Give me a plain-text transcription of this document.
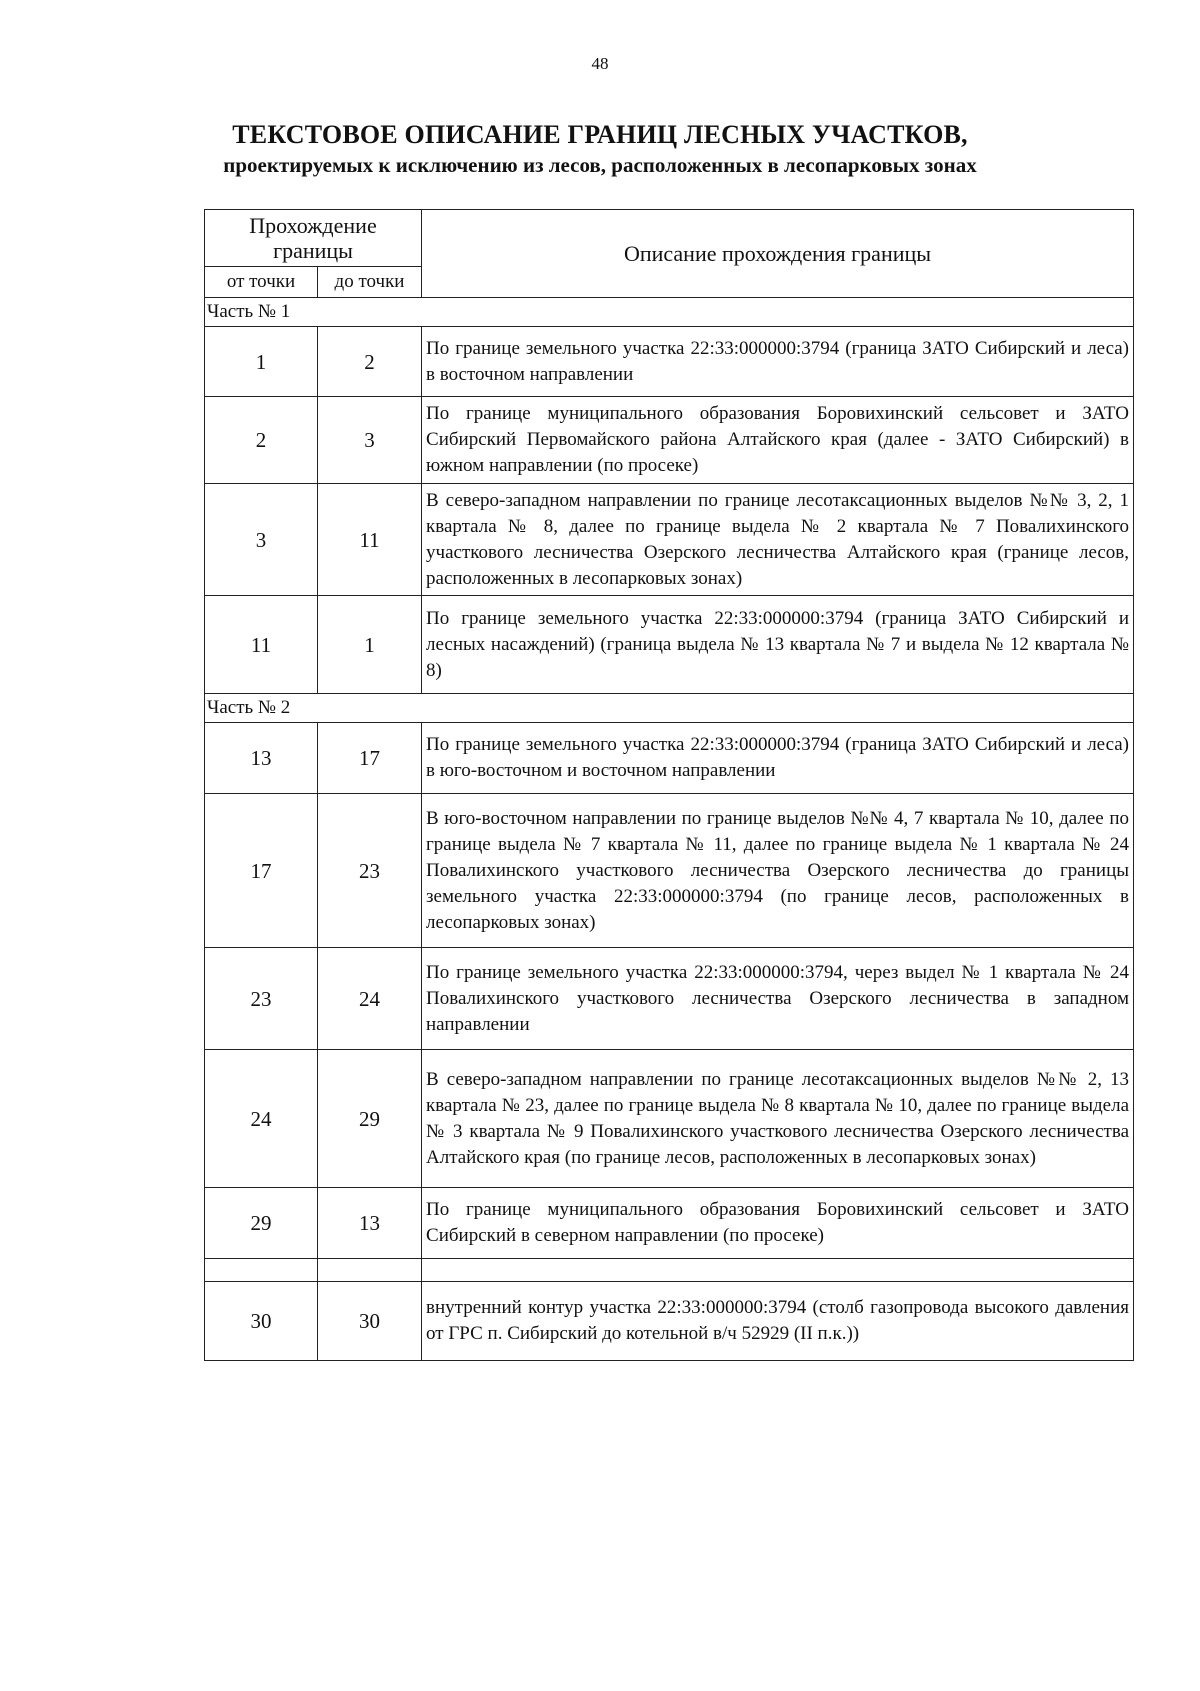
48
ТЕКСТОВОЕ ОПИСАНИЕ ГРАНИЦ ЛЕСНЫХ УЧАСТКОВ,
проектируемых к исключению из лесов, расположенных в лесопарковых зонах
Прохождение границы		Описание прохождения границы
от точки	до точки	
Часть № 1		
1	2	По границе земельного участка 22:33:000000:3794 (граница ЗАТО Сибирский и леса) в восточном направлении
2	3	По границе муниципального образования Боровихинский сельсовет и ЗАТО Сибирский Первомайского района Алтайского края (далее - ЗАТО Сибирский) в южном направлении (по просеке)
3	11	В северо-западном направлении по границе лесотаксационных выделов №№ 3, 2, 1 квартала № 8, далее по границе выдела № 2 квартала № 7 Повалихинского участкового лесничества Озерского лесничества Алтайского края (границе лесов, расположенных в лесопарковых зонах)
11	1	По границе земельного участка 22:33:000000:3794 (граница ЗАТО Сибирский и лесных насаждений) (граница выдела № 13 квартала № 7 и выдела № 12 квартала № 8)
Часть № 2		
13	17	По границе земельного участка 22:33:000000:3794 (граница ЗАТО Сибирский и леса) в юго-восточном и восточном направлении
17	23	В юго-восточном направлении по границе выделов №№ 4, 7 квартала № 10, далее по границе выдела № 7 квартала № 11, далее по границе выдела № 1 квартала № 24 Повалихинского участкового лесничества Озерского лесничества до границы земельного участка 22:33:000000:3794 (по границе лесов, расположенных в лесопарковых зонах)
23	24	По границе земельного участка 22:33:000000:3794, через выдел № 1 квартала № 24 Повалихинского участкового лесничества Озерского лесничества в западном направлении
24	29	В северо-западном направлении по границе лесотаксационных выделов №№ 2, 13 квартала № 23, далее по границе выдела № 8 квартала № 10, далее по границе выдела № 3 квартала № 9 Повалихинского участкового лесничества Озерского лесничества Алтайского края (по границе лесов, расположенных в лесопарковых зонах)
29	13	По границе муниципального образования Боровихинский сельсовет и ЗАТО Сибирский в северном направлении (по просеке)

30	30	внутренний контур участка 22:33:000000:3794 (столб газопровода высокого давления от ГРС п. Сибирский до котельной в/ч 52929 (II п.к.))
